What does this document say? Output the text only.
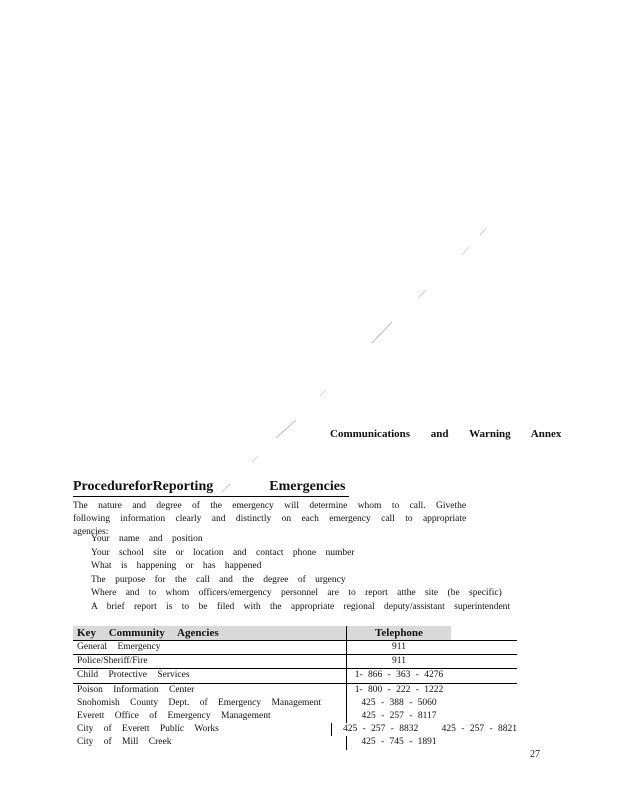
Communications and Warning Annex
ProcedureforReporting	Emergencies
The nature and degree of the emergency will determine whom to call. Givethe following information clearly and distinctly on each emergency call to appropriate agencies:
Your name and position
Your school site or location and contact phone number
What is happening or has happened
The purpose for the call and the degree of urgency
Where and to whom officers/emergency personnel are to report atthe site (be specific)
A brief report is to be filed with the appropriate regional deputy/assistant superintendent
Key Community Agencies	Telephone
General Emergency	911
Police/Sheriff/Fire	911
Child Protective Services	1- 866 - 363 - 4276
Poison Information Center	1- 800 - 222 - 1222
Snohomish County Dept. of Emergency Management	425 - 388 - 5060
Everett Office of Emergency Management	425 - 257 - 8117
City of Everett Public Works	425 - 257 - 8832	425 - 257 - 8821
City of Mill Creek	425 - 745 - 1891
27
